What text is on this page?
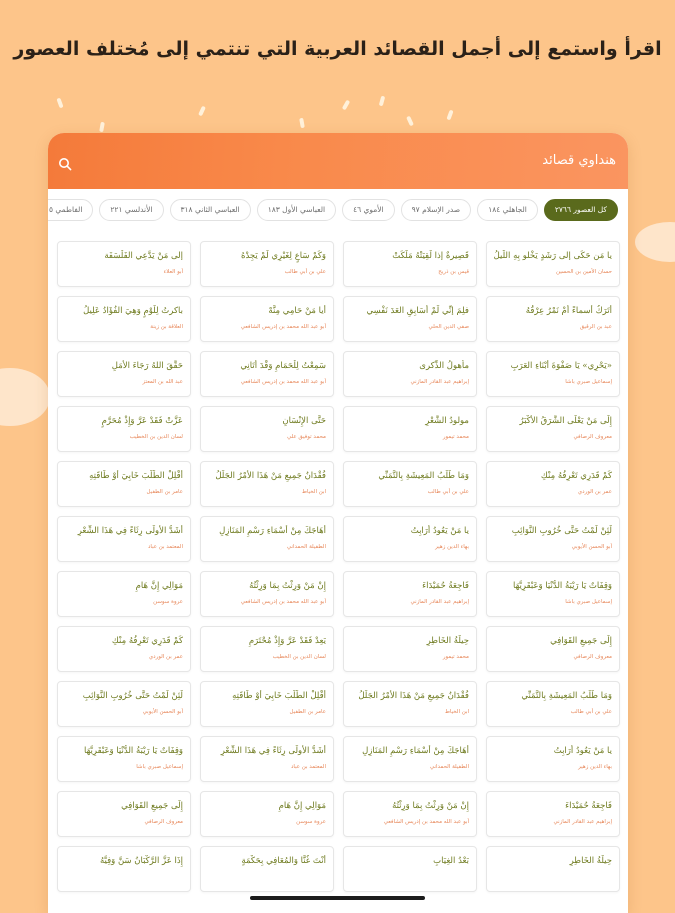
اقرأ واستمع إلى أجمل القصائد العربية التي تنتمي إلى مُختلف العصور
هنداوي قصائد
كل العصور ٢٧٦٦
الجاهلي ١٨٤
صدر الإسلام ٩٧
الأموي ٤٦
العباسي الأول ١٨٣
العباسي الثاني ٣١٨
الأندلسي ٢٢١
الفاطمي ٥
يا مَن حَكَى إلى رَشَدٍ يَخْلو بِهِ اللَّيلُ
حسان الأمين بن الحسين
قَصِيرةٌ إذا لَقِيَتْهُ مَلَّكَتْ
قيس بن ذريح
وَكَمْ سَاعٍ لِغَيْرِي لَمْ يَجِدْهُ
علي بن أبي طالب
إلى مَنْ يَدَّعِي الفَلْسَفَة
أبو العلاء
أَتَرَكُ أسماءً أَمْ نَمْرُ عِرْقُهُ
عبد بن الرقيق
فلِمَ إنِّي لَمْ أُسَابِقِ العَدَ نَفْسِي
صفي الدين الحلي
أيا مَنْ حَامِي مِنَّهْ
أبو عبد الله محمد بن إدريس الشافعي
باكرتُ لِلَوْمٍ وَهِيَ الفُؤَادُ عَلِيلُ
العلاقة بن زينة
«يَحْرِي» يَا صَفْوَةَ أَبْنَاءِ العَرَبِ
إسماعيل صبري باشا
مأهولُ الذِّكرى
إبراهيم عبد القادر المازني
سَمِعْتُ لِلْحَمَامِ وَقْدَ أَتَانِي
أبو عبد الله محمد بن إدريس الشافعي
حَقَّقَ اللهُ رَجَاءَ الأَمَلِ
عبد الله بن المعتز
إِلَى مَنْ يَعْلَى الشَّرَقُ الأَكْبَرُ
معروف الرصافي
مولودُ الشَّعْرِ
محمد تيمور
حَتَّى الإِنْسَانِ
محمد توفيق علي
عَزَّتْ فَقَدْ عَرَّ وَإِذْ مُحَرَّمٍ
لسان الدين بن الخطيب
كَمْ قَدَرِي تَعْرِفُهُ مِنْكِ
عمر بن الوردي
وَمَا طَلَبُ المَعِيشَةِ بِالتَّمَنِّي
علي بن أبي طالب
فُقْدَانُ جَمِيعِ مَنْ هَذَا الأَمْرُ الجَلَلُ
ابن الخياط
أَقْلِلْ الطَّلَبَ خَابِيَ أَوْ طَاقَتِهِ
عامر بن الطفيل
لَئِنْ لَمْتُ حَتَّى خُرُوبِ النَّوَائِبِ
أبو الحسن الأيوبي
يا مَنْ يَعُودُ أَرَابِتُ
بهاء الدين زهير
أَهَاجَكَ مِنْ أَسْمَاءِ رَسْمِ المَنَازِلِ
الطفيلة الحمداني
أَشَدُّ الأُولَى رِثَاءً فِي هَذَا الشِّعْرِ
المعتمد بن عباد
وَقِفَاتٌ يَا رَيْبَةُ الدُّنْيَا وَعَبْقَرِيَّهَا
إسماعيل صبري باشا
فَاجِعَةُ حُمَيْدَاءَ
إبراهيم عبد القادر المازني
إِنْ مَنْ وَرِثْتُ بِمَا وَرِثْتُهُ
أبو عبد الله محمد بن إدريس الشافعي
مَوَالِي إِنَّ هَامِ
عروة سوسن
إِلَى جَمِيعِ القَوَافِي
معروف الرصافي
حِيلَةُ الخَاطِرِ
محمد تيمور
يَعِدْ فَقَدْ عَرَّ وَإِذْ مُحْتَرَمِ
لسان الدين بن الخطيب
كَمْ قَدَرِي تَعْرِفُهُ مِنْكِ
عمر بن الوردي
وَمَا طَلَبُ المَعِيشَةِ بِالتَّمَنِّي
علي بن أبي طالب
فُقْدَانُ جَمِيعِ مَنْ هَذَا الأَمْرُ الجَلَلُ
ابن الخياط
أَقْلِلْ الطَّلَبَ خَابِيَ أَوْ طَاقَتِهِ
عامر بن الطفيل
لَئِنْ لَمْتُ حَتَّى خُرُوبِ النَّوَائِبِ
أبو الحسن الأيوبي
يا مَنْ يَعُودُ أَرَابِتُ
بهاء الدين زهير
أَهَاجَكَ مِنْ أَسْمَاءِ رَسْمِ المَنَازِلِ
الطفيلة الحمداني
أَشَدُّ الأُولَى رِثَاءً فِي هَذَا الشِّعْرِ
المعتمد بن عباد
وَقِفَاتٌ يَا رَيْبَةُ الدُّنْيَا وَعَبْقَرِيَّهَا
إسماعيل صبري باشا
فَاجِعَةُ حُمَيْدَاءَ
إبراهيم عبد القادر المازني
إِنْ مَنْ وَرِثْتُ بِمَا وَرِثْتُهُ
أبو عبد الله محمد بن إدريس الشافعي
مَوَالِي إِنَّ هَامِ
عروة سوسن
إِلَى جَمِيعِ القَوَافِي
معروف الرصافي
حِيلَةُ الخَاطِرِ
بَعْدُ الغِيَابِ
أَنْتَ غُنَّا وَالمُعَافِي بِحَكْمَةٍ
إِذَا عَزَّ الرَّكْبَانُ سَنَّ وَفِيَّهُ
